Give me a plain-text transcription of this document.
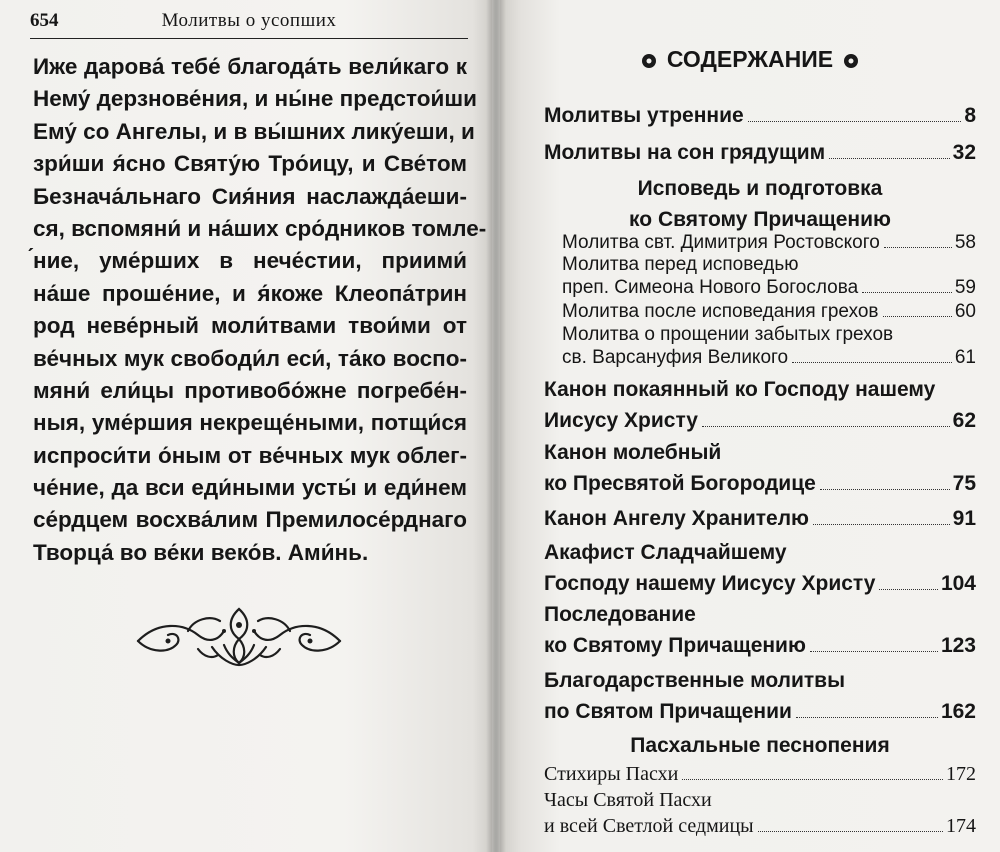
654	Молитвы о усопших
Иже дарова́ тебе́ благода́ть вели́каго к
Нему́ дерзнове́ния, и ны́не предстои́ши
Ему́ со Ангелы, и в вы́шних лику́еши, и
зри́ши я́сно Святу́ю Тро́ицу, и Све́том
Безнача́льнаго Сия́ния наслажда́еши-
ся, вспомяни́ и на́ших сро́дников томле-
́ние, уме́рших в нече́стии, приими́
на́ше проше́ние, и я́коже Клеопа́трин
род неве́рный моли́твами твои́ми от
ве́чных мук свободи́л еси́, та́ко воспо-
мяни́ ели́цы противобо́жне погребе́н-
ныя, уме́ршия некреще́ными, потщи́ся
испроси́ти о́ным от ве́чных мук облег-
че́ние, да вси еди́ными усты́ и еди́нем
се́рдцем восхва́лим Премилосе́рднаго
Творца́ во ве́ки веко́в. Ами́нь.
СОДЕРЖАНИЕ
Молитвы утренние	8
Молитвы на сон грядущим	32
Исповедь и подготовка
ко Святому Причащению
Молитва свт. Димитрия Ростовского	58
Молитва перед исповедью
преп. Симеона Нового Богослова	59
Молитва после исповедания грехов	60
Молитва о прощении забытых грехов
св. Варсануфия Великого	61
Канон покаянный ко Господу нашему
Иисусу Христу	62
Канон молебный
ко Пресвятой Богородице	75
Канон Ангелу Хранителю	91
Акафист Сладчайшему
Господу нашему Иисусу Христу	104
Последование
ко Святому Причащению	123
Благодарственные молитвы
по Святом Причащении	162
Пасхальные песнопения
Стихиры Пасхи	172
Часы Святой Пасхи
и всей Светлой седмицы	174
